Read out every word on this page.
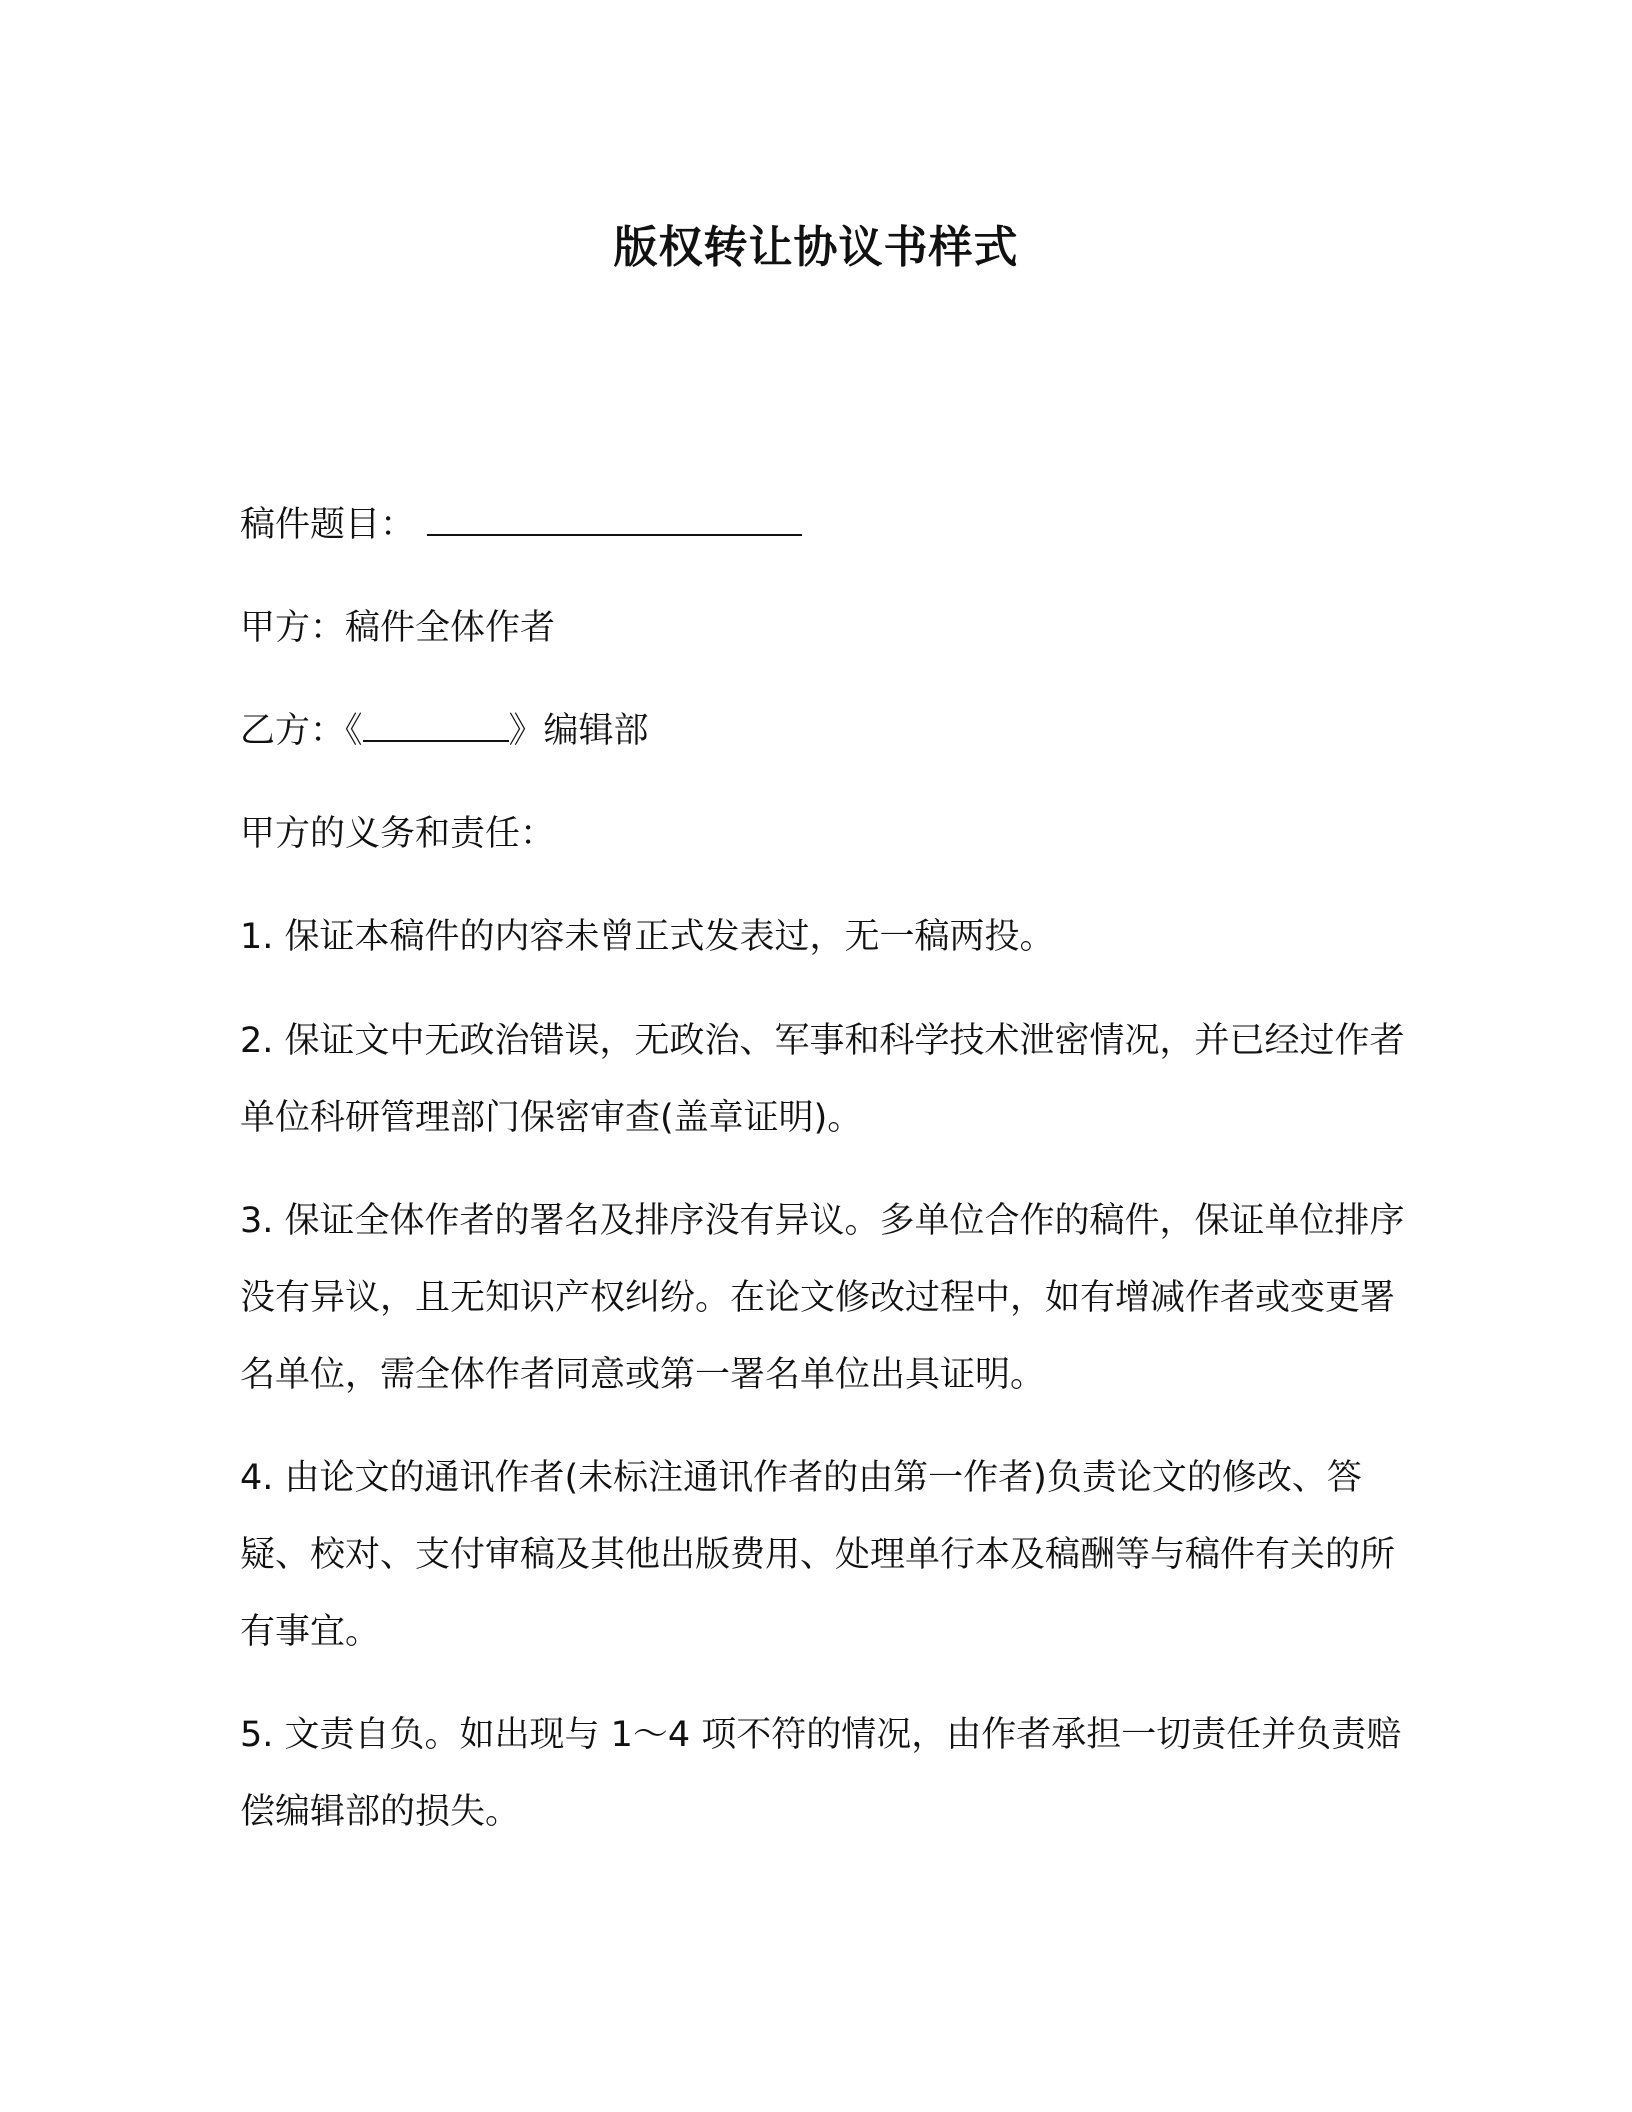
版权转让协议书样式

稿件题目：

甲方：稿件全体作者

乙方：《	》编辑部

甲方的义务和责任：

1. 保证本稿件的内容未曾正式发表过，无一稿两投。

2. 保证文中无政治错误，无政治、军事和科学技术泄密情况，并已经过作者单位科研管理部门保密审查(盖章证明)。

3. 保证全体作者的署名及排序没有异议。多单位合作的稿件，保证单位排序没有异议，且无知识产权纠纷。在论文修改过程中，如有增减作者或变更署名单位，需全体作者同意或第一署名单位出具证明。

4. 由论文的通讯作者(未标注通讯作者的由第一作者)负责论文的修改、答疑、校对、支付审稿及其他出版费用、处理单行本及稿酬等与稿件有关的所有事宜。

5. 文责自负。如出现与 1～4 项不符的情况，由作者承担一切责任并负责赔偿编辑部的损失。
